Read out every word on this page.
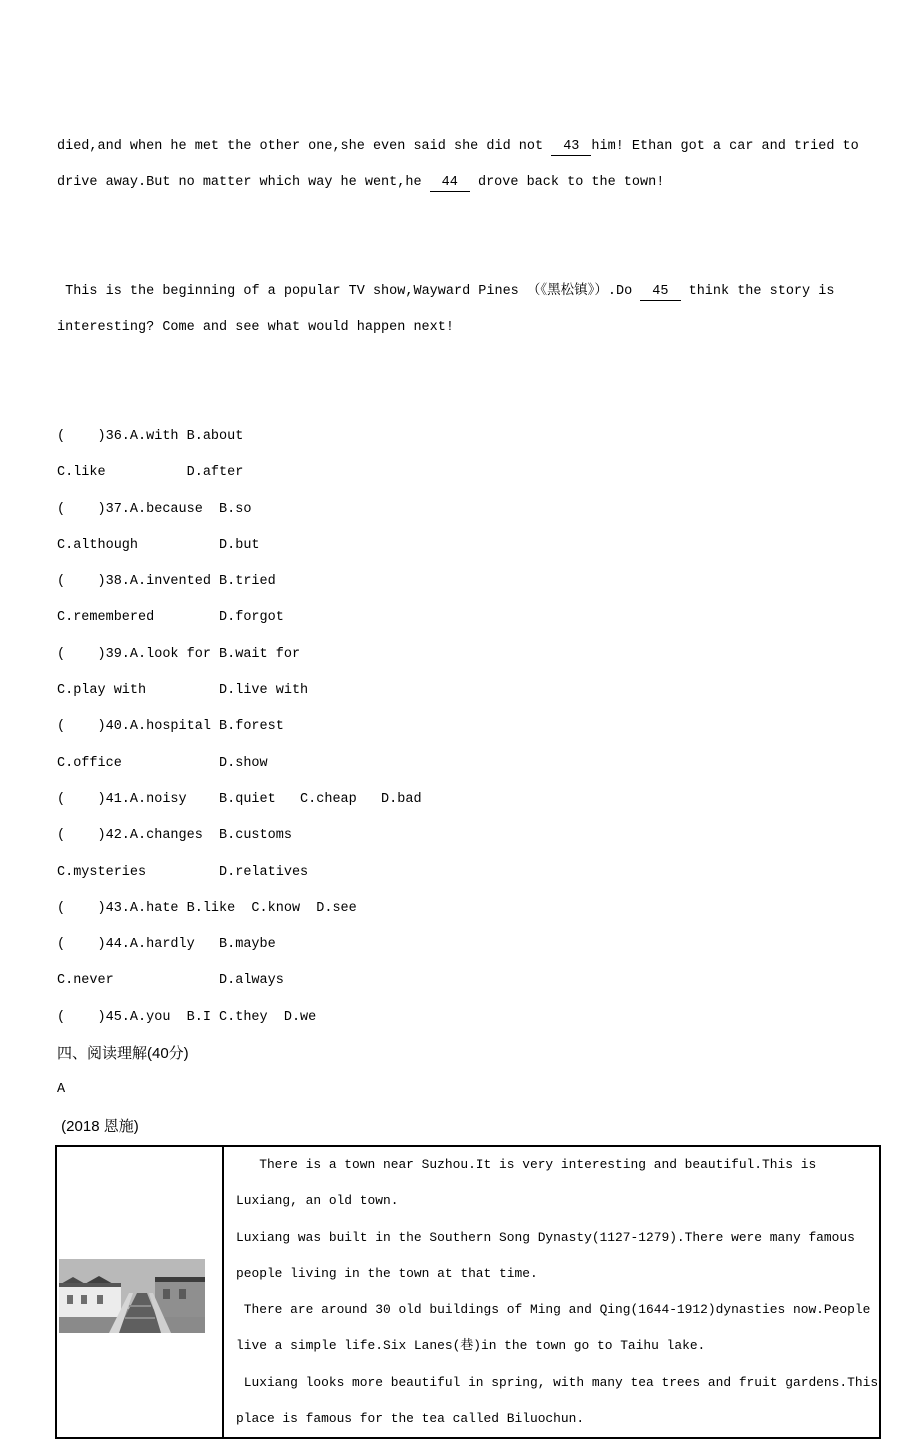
died,and when he met the other one,she even said she did not 43 him! Ethan got a car and tried to drive away.But no matter which way he went,he 44 drove back to the town!

This is the beginning of a popular TV show,Wayward Pines （《黑松镇》）.Do 45 think the story is interesting? Come and see what would happen next!

(    )36.A.with B.about
C.like          D.after
(    )37.A.because  B.so
C.although          D.but
(    )38.A.invented B.tried
C.remembered        D.forgot
(    )39.A.look for B.wait for
C.play with         D.live with
(    )40.A.hospital B.forest
C.office            D.show
(    )41.A.noisy    B.quiet   C.cheap   D.bad
(    )42.A.changes  B.customs
C.mysteries         D.relatives
(    )43.A.hate B.like  C.know  D.see
(    )44.A.hardly   B.maybe
C.never             D.always
(    )45.A.you  B.I C.they  D.we
四、阅读理解(40分)
A
(2018 恩施)

There is a town near Suzhou.It is very interesting and beautiful.This is
Luxiang, an old town.
Luxiang was built in the Southern Song Dynasty(1127-1279).There were many famous
people living in the town at that time.
There are around 30 old buildings of Ming and Qing(1644-1912)dynasties now.People
live a simple life.Six Lanes(巷)in the town go to Taihu lake.
Luxiang looks more beautiful in spring, with many tea trees and fruit gardens.This
place is famous for the tea called Biluochun.
